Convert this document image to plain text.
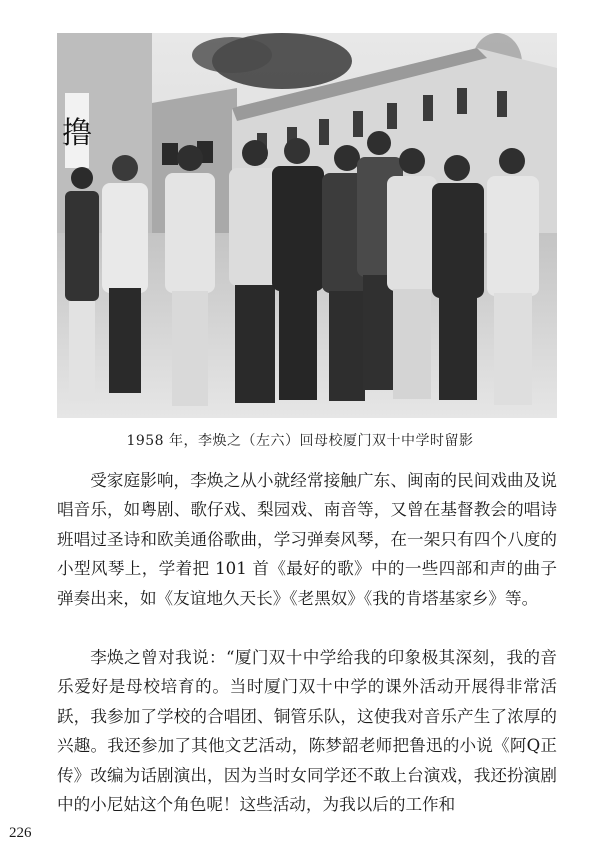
撸
1958 年，李焕之（左六）回母校厦门双十中学时留影

受家庭影响，李焕之从小就经常接触广东、闽南的民间戏曲及说唱音乐，如粤剧、歌仔戏、梨园戏、南音等，又曾在基督教会的唱诗班唱过圣诗和欧美通俗歌曲，学习弹奏风琴，在一架只有四个八度的小型风琴上，学着把 101 首《最好的歌》中的一些四部和声的曲子弹奏出来，如《友谊地久天长》《老黑奴》《我的肯塔基家乡》等。

李焕之曾对我说：“厦门双十中学给我的印象极其深刻，我的音乐爱好是母校培育的。当时厦门双十中学的课外活动开展得非常活跃，我参加了学校的合唱团、铜管乐队，这使我对音乐产生了浓厚的兴趣。我还参加了其他文艺活动，陈梦韶老师把鲁迅的小说《阿Q正传》改编为话剧演出，因为当时女同学还不敢上台演戏，我还扮演剧中的小尼姑这个角色呢！这些活动，为我以后的工作和

226
